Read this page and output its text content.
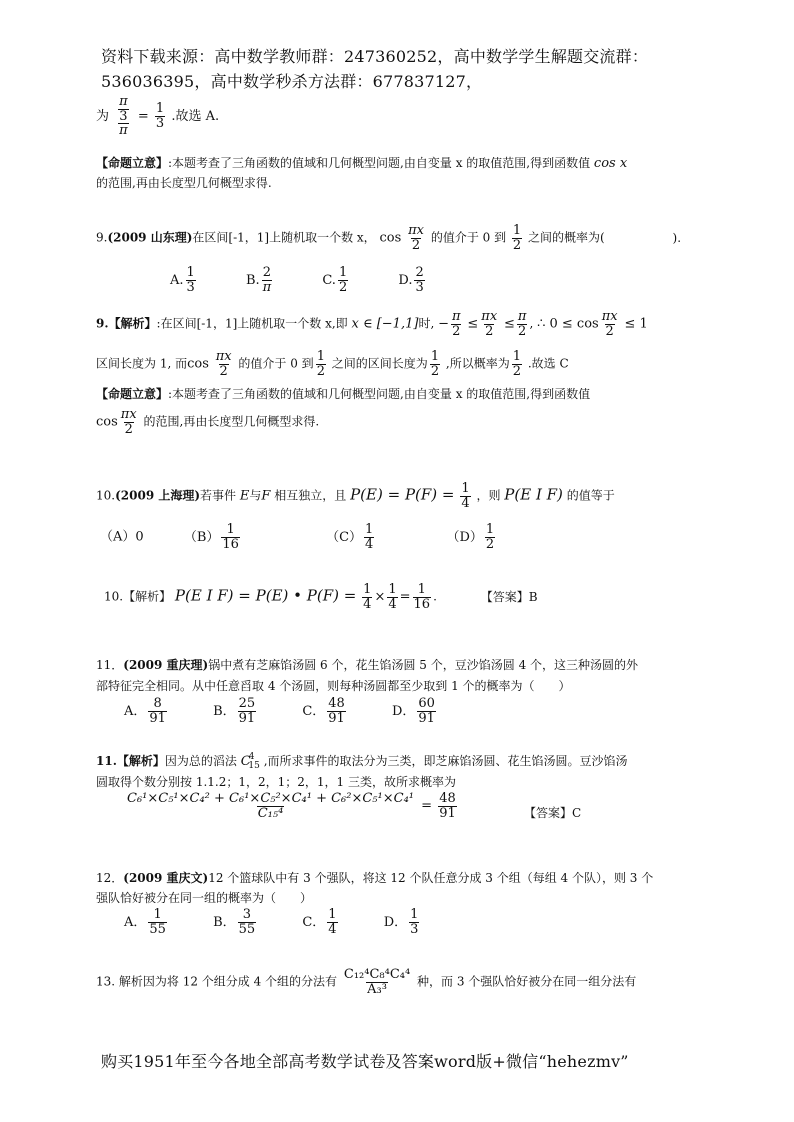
资料下载来源：高中数学教师群：247360252，高中数学学生解题交流群：
536036395，高中数学秒杀方法群：677837127，
为 $\frac{\frac{\pi}{3}}{\pi} = \frac{1}{3}$ .故选 A.
【命题立意】:本题考查了三角函数的值域和几何概型问题,由自变量 x 的取值范围,得到函数值 cos x
的范围,再由长度型几何概型求得.
9.(2009 山东理)在区间[-1，1]上随机取一个数 x， $\cos \frac{\pi x}{2}$ 的值介于 0 到 $\frac{1}{2}$ 之间的概率为(	).
A. $\frac{1}{3}$	B. $\frac{2}{\pi}$	C. $\frac{1}{2}$	D. $\frac{2}{3}$
9.【解析】:在区间[-1，1]上随机取一个数 x,即 x ∈ [−1,1]时, − $\frac{\pi}{2} \le \frac{\pi x}{2} \le \frac{\pi}{2}$ , ∴ $0 \le \cos \frac{\pi x}{2} \le 1$
区间长度为 1, 而$\cos \frac{\pi x}{2}$ 的值介于 0 到 $\frac{1}{2}$ 之间的区间长度为 $\frac{1}{2}$ ,所以概率为 $\frac{1}{2}$ .故选 C
【命题立意】:本题考查了三角函数的值域和几何概型问题,由自变量 x 的取值范围,得到函数值
$\cos \frac{\pi x}{2}$ 的范围,再由长度型几何概型求得.
10.(2009 上海理)若事件 E与F 相互独立，且 $P(E) = P(F) = \frac{1}{4}$ ，则 P(E I F) 的值等于
（A）0	$(B) \frac{1}{16}$	$(C) \frac{1}{4}$	$(D) \frac{1}{2}$
10.【解析】 P(E I F) = P(E) • $P(F) = \frac{1}{4} \times \frac{1}{4} = \frac{1}{16}$ .	【答案】B
11．(2009 重庆理)锅中煮有芝麻馅汤圆 6 个，花生馅汤圆 5 个，豆沙馅汤圆 4 个，这三种汤圆的外
部特征完全相同。从中任意舀取 4 个汤圆，则每种汤圆都至少取到 1 个的概率为（　　）
A． $\frac{8}{91}$	B． $\frac{25}{91}$	C． $\frac{48}{91}$	D． $\frac{60}{91}$
11.【解析】因为总的滔法 $C^4_{15}$ ,而所求事件的取法分为三类，即芝麻馅汤圆、花生馅汤圆。豆沙馅汤
圆取得个数分别按 1.1.2；1，2，1；2，1，1 三类，故所求概率为
$\frac{\text{C₆¹×C₅¹×C₄² + C₆¹×C₅²×C₄¹ + C₆²×C₅¹×C₄¹}}{\text{C₁₅⁴}} = \frac{48}{91}$	【答案】C
12．(2009 重庆文)12 个篮球队中有 3 个强队，将这 12 个队任意分成 3 个组（每组 4 个队），则 3 个
强队恰好被分在同一组的概率为（　　）
A． $\frac{1}{55}$	B． $\frac{3}{55}$	C． $\frac{1}{4}$	D． $\frac{1}{3}$
13. 解析因为将 12 个组分成 4 个组的分法有 $\frac{\text{C₁₂⁴C₈⁴C₄⁴}}{\text{A₃³}}$ 种，而 3 个强队恰好被分在同一组分法有
购买1951年至今各地全部高考数学试卷及答案word版+微信“hehezmv”
